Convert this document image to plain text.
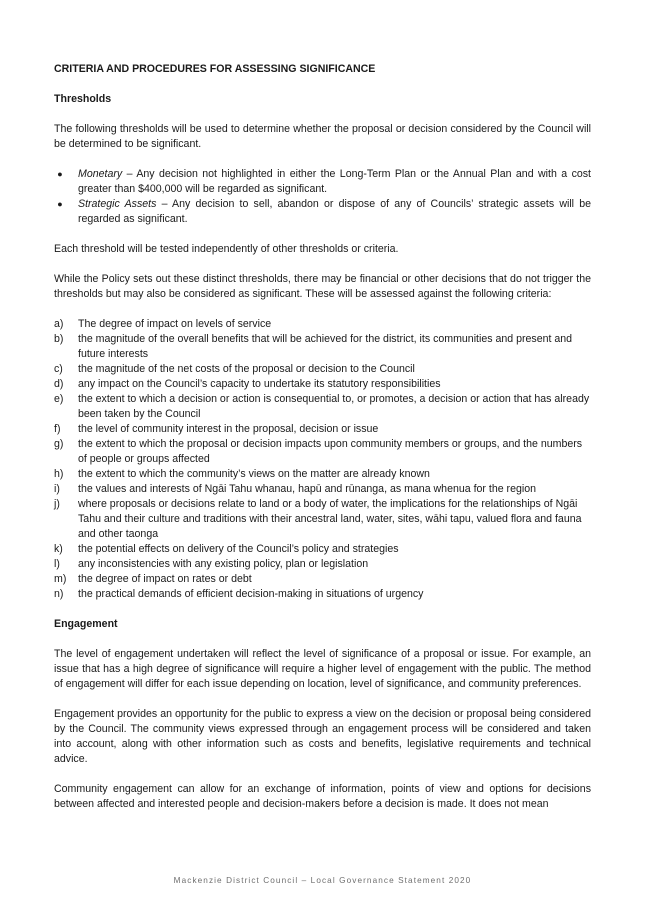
CRITERIA AND PROCEDURES FOR ASSESSING SIGNIFICANCE

Thresholds

The following thresholds will be used to determine whether the proposal or decision considered by the Council will be determined to be significant.

● Monetary – Any decision not highlighted in either the Long-Term Plan or the Annual Plan and with a cost greater than $400,000 will be regarded as significant.
● Strategic Assets – Any decision to sell, abandon or dispose of any of Councils’ strategic assets will be regarded as significant.

Each threshold will be tested independently of other thresholds or criteria.

While the Policy sets out these distinct thresholds, there may be financial or other decisions that do not trigger the thresholds but may also be considered as significant. These will be assessed against the following criteria:

a)	The degree of impact on levels of service
b)	the magnitude of the overall benefits that will be achieved for the district, its communities and present and future interests
c)	the magnitude of the net costs of the proposal or decision to the Council
d)	any impact on the Council’s capacity to undertake its statutory responsibilities
e)	the extent to which a decision or action is consequential to, or promotes, a decision or action that has already been taken by the Council
f)	the level of community interest in the proposal, decision or issue
g)	the extent to which the proposal or decision impacts upon community members or groups, and the numbers of people or groups affected
h)	the extent to which the community’s views on the matter are already known
i)	the values and interests of Ngāi Tahu whanau, hapū and rūnanga, as mana whenua for the region
j)	where proposals or decisions relate to land or a body of water, the implications for the relationships of Ngāi Tahu and their culture and traditions with their ancestral land, water, sites, wāhi tapu, valued flora and fauna and other taonga
k)	the potential effects on delivery of the Council’s policy and strategies
l)	any inconsistencies with any existing policy, plan or legislation
m)	the degree of impact on rates or debt
n)	the practical demands of efficient decision-making in situations of urgency

Engagement

The level of engagement undertaken will reflect the level of significance of a proposal or issue. For example, an issue that has a high degree of significance will require a higher level of engagement with the public. The method of engagement will differ for each issue depending on location, level of significance, and community preferences.

Engagement provides an opportunity for the public to express a view on the decision or proposal being considered by the Council. The community views expressed through an engagement process will be considered and taken into account, along with other information such as costs and benefits, legislative requirements and technical advice.

Community engagement can allow for an exchange of information, points of view and options for decisions between affected and interested people and decision-makers before a decision is made. It does not mean

Mackenzie District Council – Local Governance Statement 2020
